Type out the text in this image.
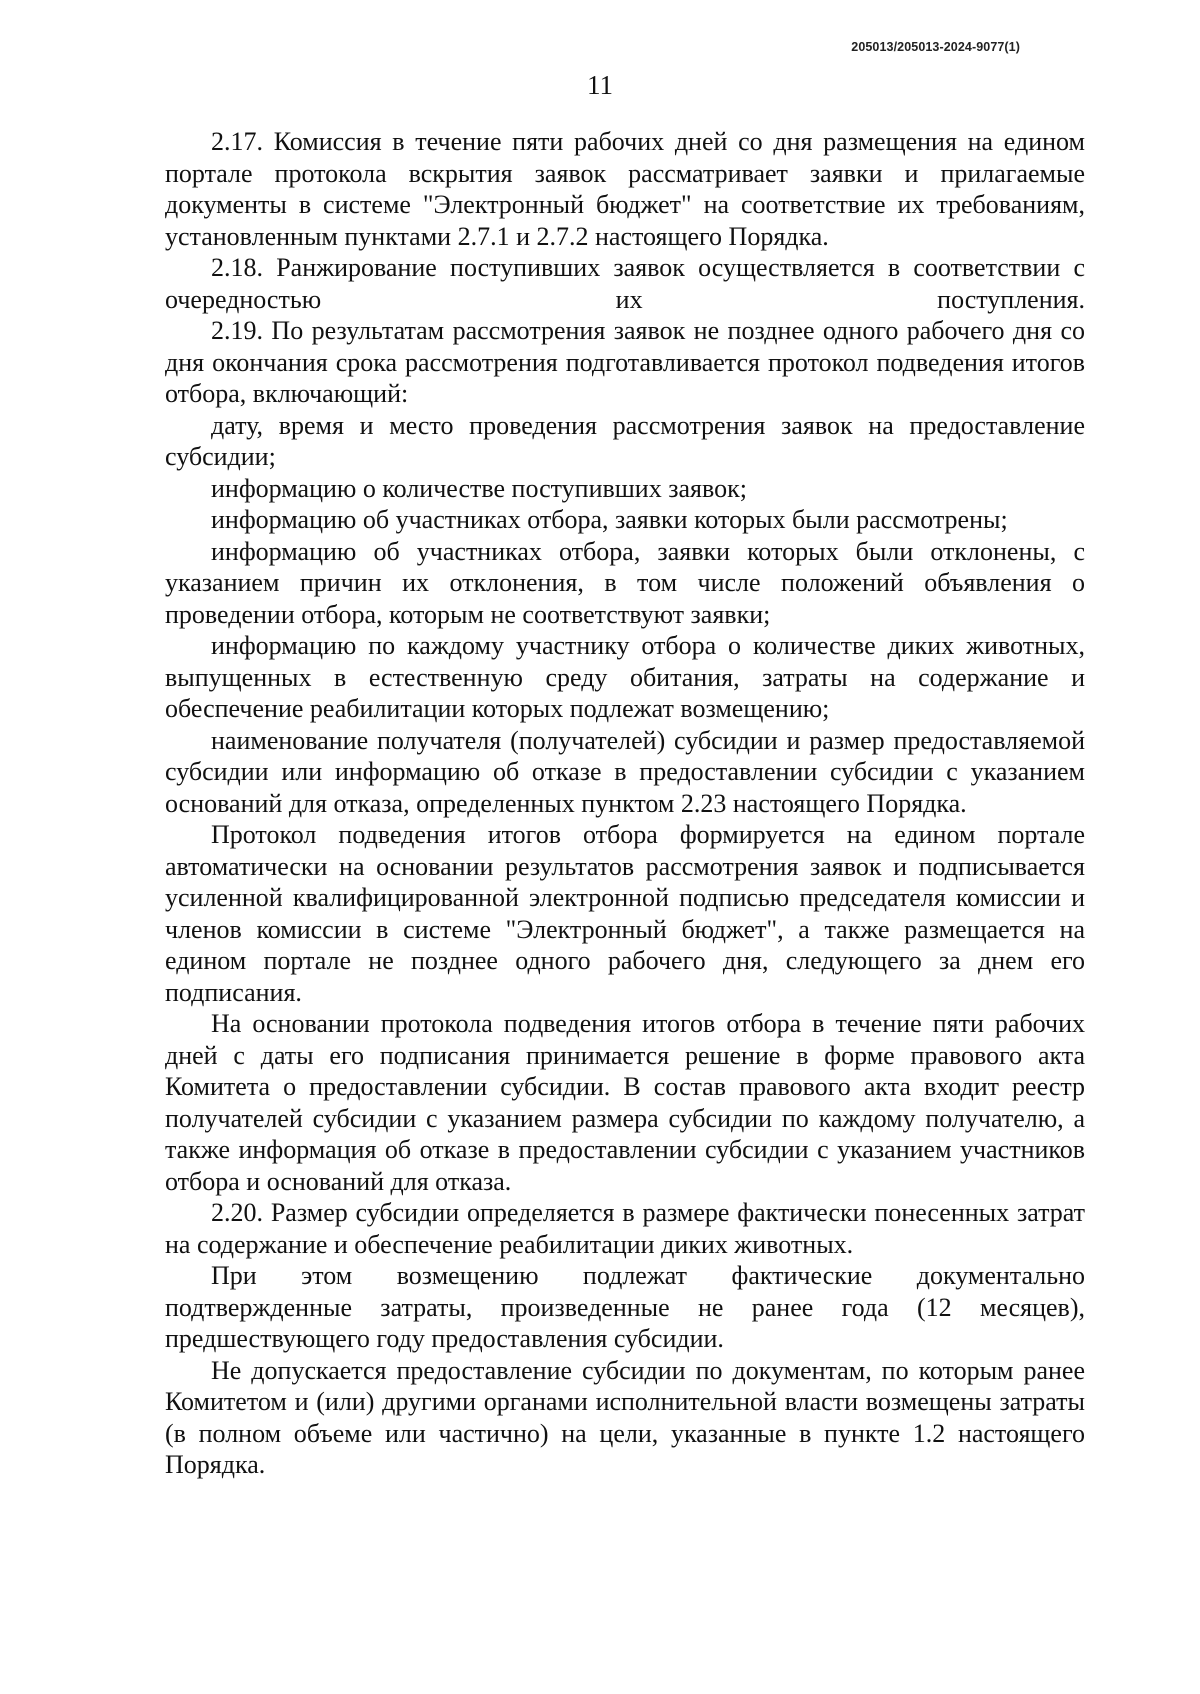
205013/205013-2024-9077(1)
11

2.17. Комиссия в течение пяти рабочих дней со дня размещения на едином портале протокола вскрытия заявок рассматривает заявки и прилагаемые документы в системе "Электронный бюджет" на соответствие их требованиям, установленным пунктами 2.7.1 и 2.7.2 настоящего Порядка.

2.18. Ранжирование поступивших заявок осуществляется в соответствии с очередностью их поступления.

2.19. По результатам рассмотрения заявок не позднее одного рабочего дня со дня окончания срока рассмотрения подготавливается протокол подведения итогов отбора, включающий:

дату, время и место проведения рассмотрения заявок на предоставление субсидии;

информацию о количестве поступивших заявок;

информацию об участниках отбора, заявки которых были рассмотрены;

информацию об участниках отбора, заявки которых были отклонены, с указанием причин их отклонения, в том числе положений объявления о проведении отбора, которым не соответствуют заявки;

информацию по каждому участнику отбора о количестве диких животных, выпущенных в естественную среду обитания, затраты на содержание и обеспечение реабилитации которых подлежат возмещению;

наименование получателя (получателей) субсидии и размер предоставляемой субсидии или информацию об отказе в предоставлении субсидии с указанием оснований для отказа, определенных пунктом 2.23 настоящего Порядка.

Протокол подведения итогов отбора формируется на едином портале автоматически на основании результатов рассмотрения заявок и подписывается усиленной квалифицированной электронной подписью председателя комиссии и членов комиссии в системе "Электронный бюджет", а также размещается на едином портале не позднее одного рабочего дня, следующего за днем его подписания.

На основании протокола подведения итогов отбора в течение пяти рабочих дней с даты его подписания принимается решение в форме правового акта Комитета о предоставлении субсидии. В состав правового акта входит реестр получателей субсидии с указанием размера субсидии по каждому получателю, а также информация об отказе в предоставлении субсидии с указанием участников отбора и оснований для отказа.

2.20. Размер субсидии определяется в размере фактически понесенных затрат на содержание и обеспечение реабилитации диких животных.

При этом возмещению подлежат фактические документально подтвержденные затраты, произведенные не ранее года (12 месяцев), предшествующего году предоставления субсидии.

Не допускается предоставление субсидии по документам, по которым ранее Комитетом и (или) другими органами исполнительной власти возмещены затраты (в полном объеме или частично) на цели, указанные в пункте 1.2 настоящего Порядка.
